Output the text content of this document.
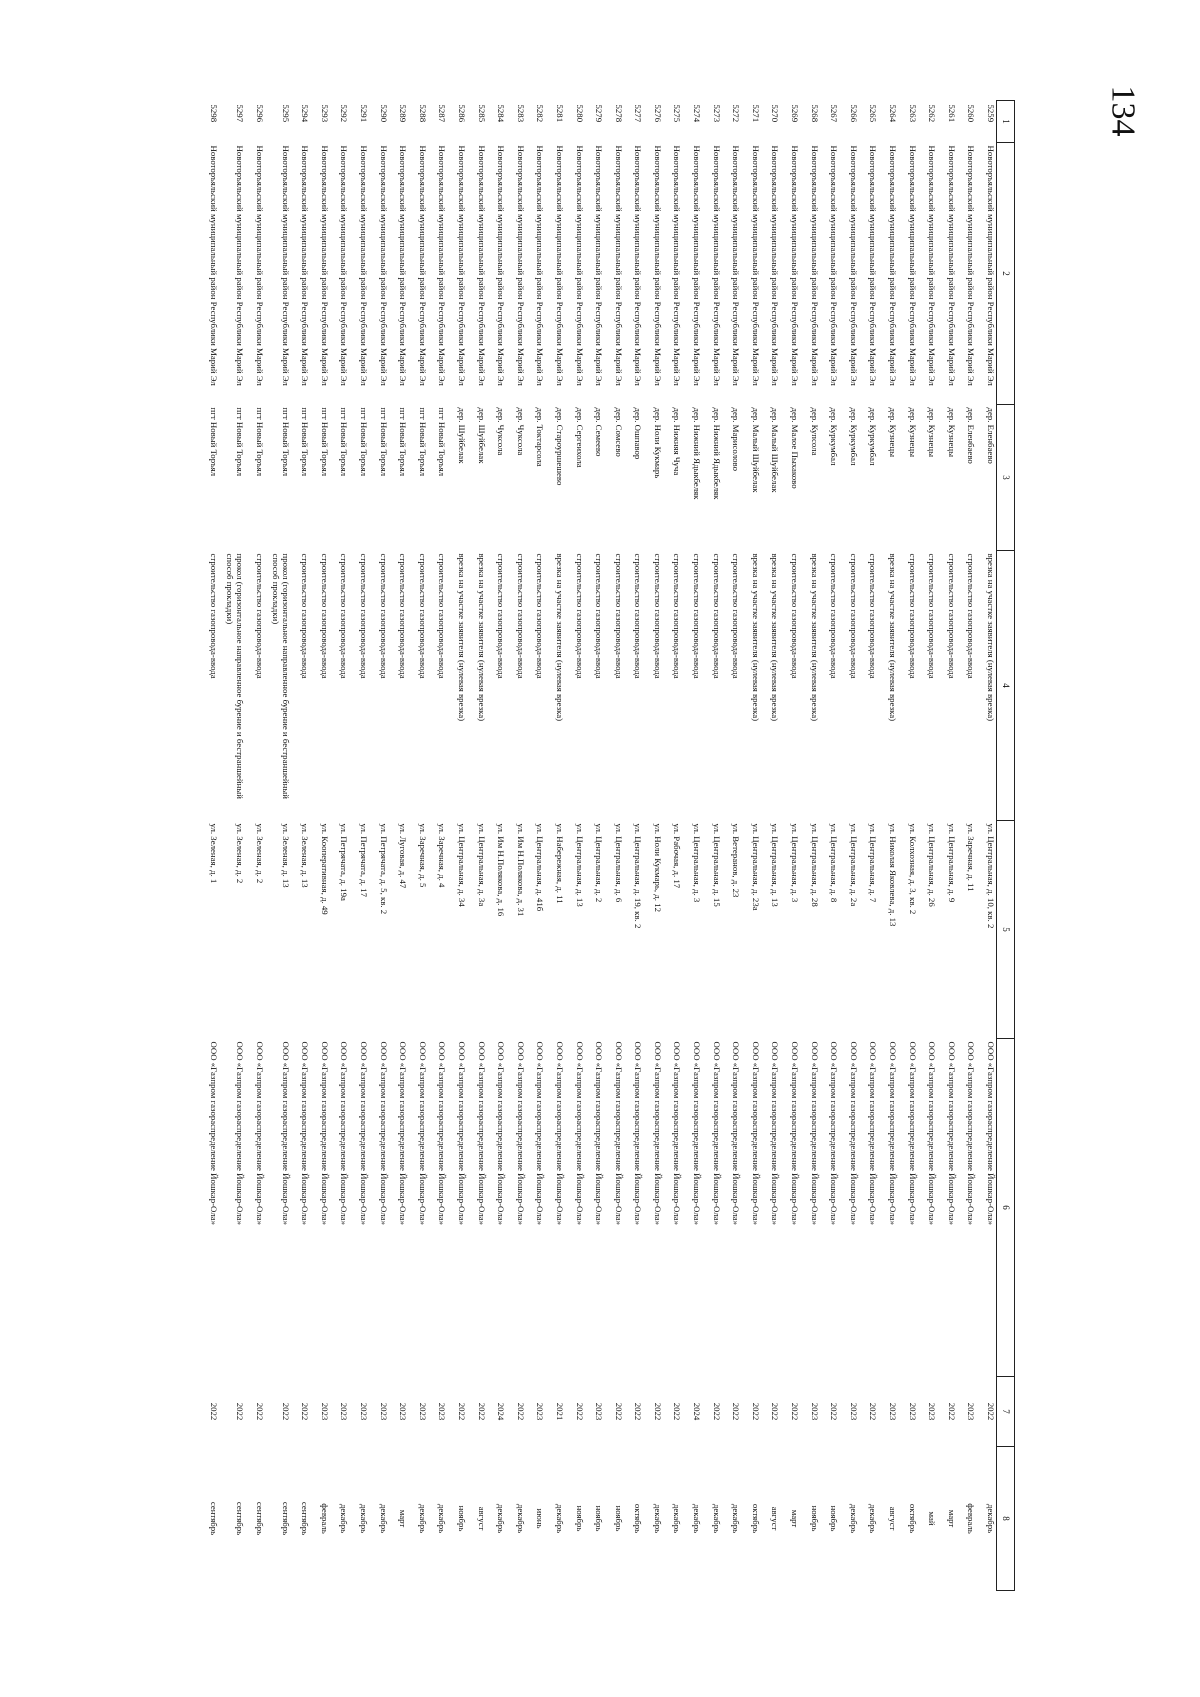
134
1	2	3	4	5	6	7	8
5259	Новоторъяльский муниципальный район Республики Марий Эл	дер. Еленбаево	врезка на участке заявителя (нулевая врезка)	ул. Центральная, д. 10, кв. 2	ООО «Газпром газораспределение Йошкар-Ола»	2022	декабрь
5260	Новоторъяльский муниципальный район Республики Марий Эл	дер. Еленбаево	строительство газопровода-ввода	ул. Заречная, д. 11	ООО «Газпром газораспределение Йошкар-Ола»	2023	февраль
5261	Новоторъяльский муниципальный район Республики Марий Эл	дер. Кузнецы	строительство газопровода-ввода	ул. Центральная, д. 9	ООО «Газпром газораспределение Йошкар-Ола»	2022	март
5262	Новоторъяльский муниципальный район Республики Марий Эл	дер. Кузнецы	строительство газопровода-ввода	ул. Центральная, д. 26	ООО «Газпром газораспределение Йошкар-Ола»	2023	май
5263	Новоторъяльский муниципальный район Республики Марий Эл	дер. Кузнецы	строительство газопровода-ввода	ул. Колхозная, д. 3, кв. 2	ООО «Газпром газораспределение Йошкар-Ола»	2023	октябрь
5264	Новоторъяльский муниципальный район Республики Марий Эл	дер. Кузнецы	врезка на участке заявителя (нулевая врезка)	ул. Николая Яковлева, д. 13	ООО «Газпром газораспределение Йошкар-Ола»	2023	август
5265	Новоторъяльский муниципальный район Республики Марий Эл	дер. Куркумбал	строительство газопровода-ввода	ул. Центральная, д. 7	ООО «Газпром газораспределение Йошкар-Ола»	2022	декабрь
5266	Новоторъяльский муниципальный район Республики Марий Эл	дер. Куркумбал	строительство газопровода-ввода	ул. Центральная, д. 2а	ООО «Газпром газораспределение Йошкар-Ола»	2023	декабрь
5267	Новоторъяльский муниципальный район Республики Марий Эл	дер. Куркумбал	строительство газопровода-ввода	ул. Центральная, д. 8	ООО «Газпром газораспределение Йошкар-Ола»	2022	ноябрь
5268	Новоторъяльский муниципальный район Республики Марий Эл	дер. Купсола	врезка на участке заявителя (нулевая врезка)	ул. Центральная, д. 28	ООО «Газпром газораспределение Йошкар-Ола»	2023	ноябрь
5269	Новоторъяльский муниципальный район Республики Марий Эл	дер. Малое Пыхаково	строительство газопровода-ввода	ул. Центральная, д. 3	ООО «Газпром газораспределение Йошкар-Ола»	2022	март
5270	Новоторъяльский муниципальный район Республики Марий Эл	дер. Малый Шуйбелак	врезка на участке заявителя (нулевая врезка)	ул. Центральная, д. 13	ООО «Газпром газораспределение Йошкар-Ола»	2022	август
5271	Новоторъяльский муниципальный район Республики Марий Эл	дер. Малый Шуйбелак	врезка на участке заявителя (нулевая врезка)	ул. Центральная, д. 23а	ООО «Газпром газораспределение Йошкар-Ола»	2022	октябрь
5272	Новоторъяльский муниципальный район Республики Марий Эл	дер. Марисолово	строительство газопровода-ввода	ул. Ветеранов, д. 23	ООО «Газпром газораспределение Йошкар-Ола»	2022	декабрь
5273	Новоторъяльский муниципальный район Республики Марий Эл	дер. Нижний Ядыкбеляк	строительство газопровода-ввода	ул. Центральная, д. 15	ООО «Газпром газораспределение Йошкар-Ола»	2022	декабрь
5274	Новоторъяльский муниципальный район Республики Марий Эл	дер. Нижний Ядыкбеляк	строительство газопровода-ввода	ул. Центральная, д. 3	ООО «Газпром газораспределение Йошкар-Ола»	2024	декабрь
5275	Новоторъяльский муниципальный район Республики Марий Эл	дер. Нижняя Чуча	строительство газопровода-ввода	ул. Рабочая, д. 17	ООО «Газпром газораспределение Йошкар-Ола»	2022	декабрь
5276	Новоторъяльский муниципальный район Республики Марий Эл	дер. Ноли Кукмарь	строительство газопровода-ввода	ул. Ноли Кукмарь, д. 12	ООО «Газпром газораспределение Йошкар-Ола»	2022	декабрь
5277	Новоторъяльский муниципальный район Республики Марий Эл	дер. Ошпавор	строительство газопровода-ввода	ул. Центральная, д. 19, кв. 2	ООО «Газпром газораспределение Йошкар-Ола»	2022	октябрь
5278	Новоторъяльский муниципальный район Республики Марий Эл	дер. Сомсево	строительство газопровода-ввода	ул. Центральная, д. 6	ООО «Газпром газораспределение Йошкар-Ола»	2022	ноябрь
5279	Новоторъяльский муниципальный район Республики Марий Эл	дер. Семеево	строительство газопровода-ввода	ул. Центральная, д. 2	ООО «Газпром газораспределение Йошкар-Ола»	2023	ноябрь
5280	Новоторъяльский муниципальный район Республики Марий Эл	дер. Сергеихола	строительство газопровода-ввода	ул. Центральная, д. 13	ООО «Газпром газораспределение Йошкар-Ола»	2022	ноябрь
5281	Новоторъяльский муниципальный район Республики Марий Эл	дер. Староуршешево	врезка на участке заявителя (нулевая врезка)	ул. Набережная, д. 11	ООО «Газпром газораспределение Йошкар-Ола»	2021	декабрь
5282	Новоторъяльский муниципальный район Республики Марий Эл	дер. Токтарсола	строительство газопровода-ввода	ул. Центральная, д. 41б	ООО «Газпром газораспределение Йошкар-Ола»	2023	июнь
5283	Новоторъяльский муниципальный район Республики Марий Эл	дер. Чуксола	строительство газопровода-ввода	ул. Им Н.Полякова, д. 31	ООО «Газпром газораспределение Йошкар-Ола»	2022	декабрь
5284	Новоторъяльский муниципальный район Республики Марий Эл	дер. Чуксола	строительство газопровода-ввода	ул. Им Н.Полякова, д. 16	ООО «Газпром газораспределение Йошкар-Ола»	2024	декабрь
5285	Новоторъяльский муниципальный район Республики Марий Эл	дер. Шуйбелак	врезка на участке заявителя (нулевая врезка)	ул. Центральная, д. 3а	ООО «Газпром газораспределение Йошкар-Ола»	2022	август
5286	Новоторъяльский муниципальный район Республики Марий Эл	дер. Шуйбелак	врезка на участке заявителя (нулевая врезка)	ул. Центральная, д. 34	ООО «Газпром газораспределение Йошкар-Ола»	2022	ноябрь
5287	Новоторъяльский муниципальный район Республики Марий Эл	пгт Новый Торъял	строительство газопровода-ввода	ул. Заречная, д. 4	ООО «Газпром газораспределение Йошкар-Ола»	2023	декабрь
5288	Новоторъяльский муниципальный район Республики Марий Эл	пгт Новый Торъял	строительство газопровода-ввода	ул. Заречная, д. 5	ООО «Газпром газораспределение Йошкар-Ола»	2023	декабрь
5289	Новоторъяльский муниципальный район Республики Марий Эл	пгт Новый Торъял	строительство газопровода-ввода	ул. Луговая, д. 47	ООО «Газпром газораспределение Йошкар-Ола»	2023	март
5290	Новоторъяльский муниципальный район Республики Марий Эл	пгт Новый Торъял	строительство газопровода-ввода	ул. Петрячата, д. 5, кв. 2	ООО «Газпром газораспределение Йошкар-Ола»	2023	декабрь
5291	Новоторъяльский муниципальный район Республики Марий Эл	пгт Новый Торъял	строительство газопровода-ввода	ул. Петрячата, д. 17	ООО «Газпром газораспределение Йошкар-Ола»	2023	декабрь
5292	Новоторъяльский муниципальный район Республики Марий Эл	пгт Новый Торъял	строительство газопровода-ввода	ул. Петрячата, д. 19а	ООО «Газпром газораспределение Йошкар-Ола»	2023	декабрь
5293	Новоторъяльский муниципальный район Республики Марий Эл	пгт Новый Торъял	строительство газопровода-ввода	ул. Кооперативная, д. 49	ООО «Газпром газораспределение Йошкар-Ола»	2023	февраль
5294	Новоторъяльский муниципальный район Республики Марий Эл	пгт Новый Торъял	строительство газопровода-ввода	ул. Зеленая, д. 13	ООО «Газпром газораспределение Йошкар-Ола»	2022	сентябрь
5295	Новоторъяльский муниципальный район Республики Марий Эл	пгт Новый Торъял	прокол (горизонтальное направленное бурение и бестраншейный способ прокладки)	ул. Зеленая, д. 13	ООО «Газпром газораспределение Йошкар-Ола»	2022	сентябрь
5296	Новоторъяльский муниципальный район Республики Марий Эл	пгт Новый Торъял	строительство газопровода-ввода	ул. Зеленая, д. 2	ООО «Газпром газораспределение Йошкар-Ола»	2022	сентябрь
5297	Новоторъяльский муниципальный район Республики Марий Эл	пгт Новый Торъял	прокол (горизонтальное направленное бурение и бестраншейный способ прокладки)	ул. Зеленая, д. 2	ООО «Газпром газораспределение Йошкар-Ола»	2022	сентябрь
5298	Новоторъяльский муниципальный район Республики Марий Эл	пгт Новый Торъял	строительство газопровода-ввода	ул. Зеленая, д. 1	ООО «Газпром газораспределение Йошкар-Ола»	2022	сентябрь
